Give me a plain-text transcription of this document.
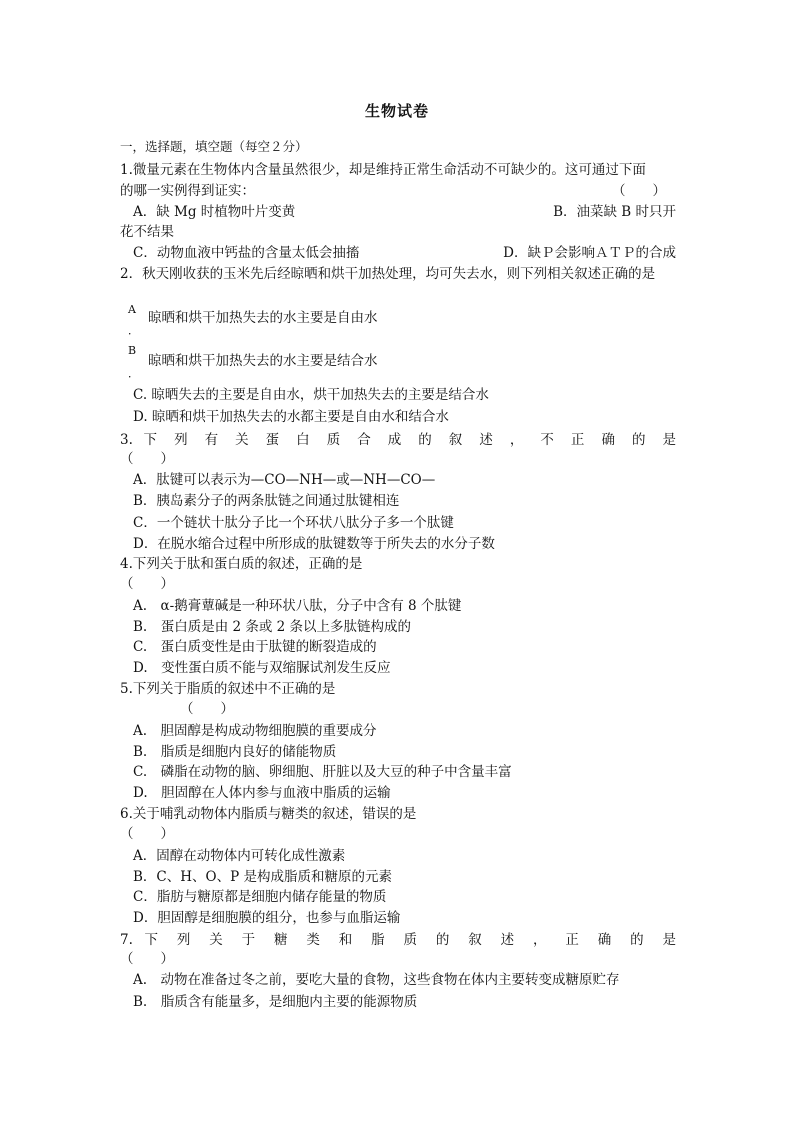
生物试卷
一，选择题，填空题（每空２分）
1.微量元素在生物体内含量虽然很少，却是维持正常生命活动不可缺少的。这可通过下面
的哪一实例得到证实：	（　　）
A．缺 Mg 时植物叶片变黄	B．油菜缺 B 时只开
花不结果
C．动物血液中钙盐的含量太低会抽搐	D．缺Ｐ会影响ＡＴＰ的合成
2．秋天刚收获的玉米先后经晾晒和烘干加热处理，均可失去水，则下列相关叙述正确的是
A
晾晒和烘干加热失去的水主要是自由水
．
B
晾晒和烘干加热失去的水主要是结合水
．
C. 晾晒失去的主要是自由水，烘干加热失去的主要是结合水
D. 晾晒和烘干加热失去的水都主要是自由水和结合水
3. 下 列 有 关 蛋 白 质 合 成 的 叙 述 ， 不 正 确 的 是
（　　）
A．肽键可以表示为—CO—NH—或—NH—CO—
B．胰岛素分子的两条肽链之间通过肽键相连
C．一个链状十肽分子比一个环状八肽分子多一个肽键
D．在脱水缩合过程中所形成的肽键数等于所失去的水分子数
4.下列关于肽和蛋白质的叙述，正确的是
（　　）
A.　α-鹅膏蕈碱是一种环状八肽，分子中含有 8 个肽键
B.　蛋白质是由 2 条或 2 条以上多肽链构成的
C.　蛋白质变性是由于肽键的断裂造成的
D.　变性蛋白质不能与双缩脲试剂发生反应
5.下列关于脂质的叙述中不正确的是
（　　）
A.　胆固醇是构成动物细胞膜的重要成分
B.　脂质是细胞内良好的储能物质
C.　磷脂在动物的脑、卵细胞、肝脏以及大豆的种子中含量丰富
D.　胆固醇在人体内参与血液中脂质的运输
6.关于哺乳动物体内脂质与糖类的叙述，错误的是
（　　）
A．固醇在动物体内可转化成性激素
B．C、H、O、P 是构成脂质和糖原的元素
C．脂肪与糖原都是细胞内储存能量的物质
D．胆固醇是细胞膜的组分，也参与血脂运输
7. 下 列 关 于 糖 类 和 脂 质 的 叙 述 ， 正 确 的 是
（　　）
A.　动物在准备过冬之前，要吃大量的食物，这些食物在体内主要转变成糖原贮存
B.　脂质含有能量多，是细胞内主要的能源物质
